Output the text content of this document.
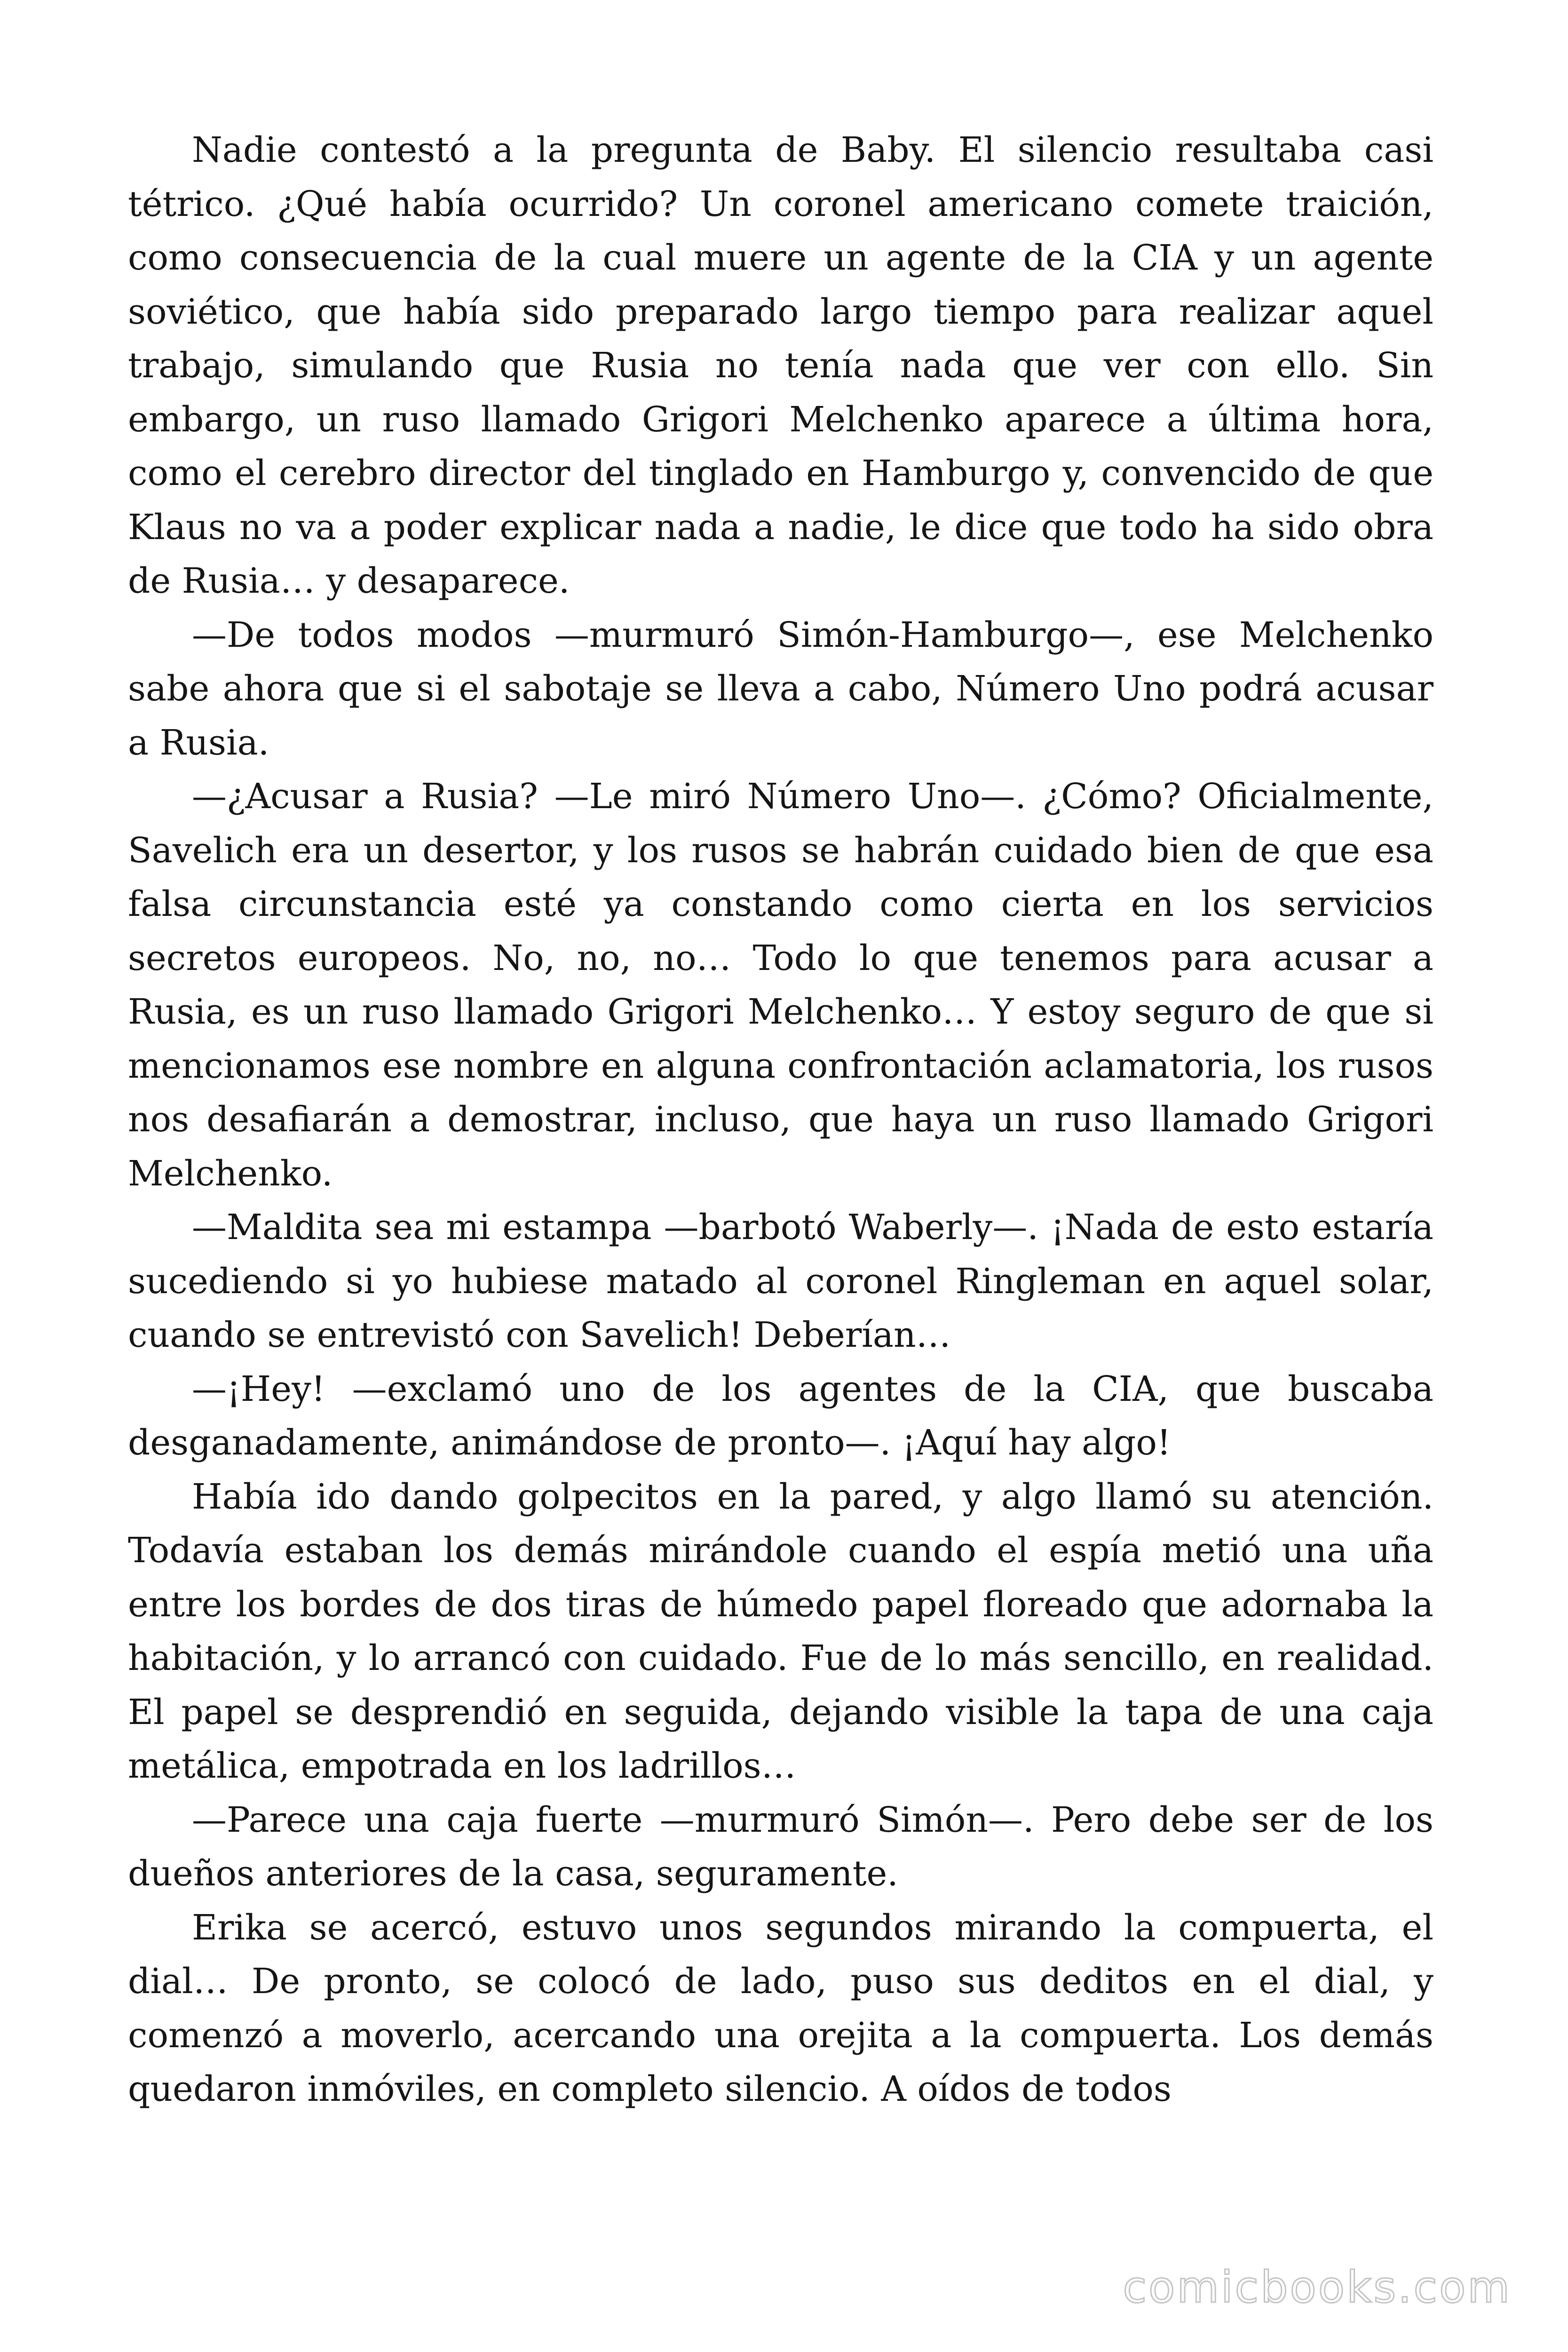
Nadie contestó a la pregunta de Baby. El silencio resultaba casi tétrico. ¿Qué había ocurrido? Un coronel americano comete traición, como consecuencia de la cual muere un agente de la CIA y un agente soviético, que había sido preparado largo tiempo para realizar aquel trabajo, simulando que Rusia no tenía nada que ver con ello. Sin embargo, un ruso llamado Grigori Melchenko aparece a última hora, como el cerebro director del tinglado en Hamburgo y, convencido de que Klaus no va a poder explicar nada a nadie, le dice que todo ha sido obra de Rusia… y desaparece.

—De todos modos —murmuró Simón-Hamburgo—, ese Melchenko sabe ahora que si el sabotaje se lleva a cabo, Número Uno podrá acusar a Rusia.

—¿Acusar a Rusia? —Le miró Número Uno—. ¿Cómo? Oficialmente, Savelich era un desertor, y los rusos se habrán cuidado bien de que esa falsa circunstancia esté ya constando como cierta en los servicios secretos europeos. No, no, no… Todo lo que tenemos para acusar a Rusia, es un ruso llamado Grigori Melchenko… Y estoy seguro de que si mencionamos ese nombre en alguna confrontación aclamatoria, los rusos nos desafiarán a demostrar, incluso, que haya un ruso llamado Grigori Melchenko.

—Maldita sea mi estampa —barbotó Waberly—. ¡Nada de esto estaría sucediendo si yo hubiese matado al coronel Ringleman en aquel solar, cuando se entrevistó con Savelich! Deberían…

—¡Hey! —exclamó uno de los agentes de la CIA, que buscaba desganadamente, animándose de pronto—. ¡Aquí hay algo!

Había ido dando golpecitos en la pared, y algo llamó su atención. Todavía estaban los demás mirándole cuando el espía metió una uña entre los bordes de dos tiras de húmedo papel floreado que adornaba la habitación, y lo arrancó con cuidado. Fue de lo más sencillo, en realidad. El papel se desprendió en seguida, dejando visible la tapa de una caja metálica, empotrada en los ladrillos…

—Parece una caja fuerte —murmuró Simón—. Pero debe ser de los dueños anteriores de la casa, seguramente.

Erika se acercó, estuvo unos segundos mirando la compuerta, el dial… De pronto, se colocó de lado, puso sus deditos en el dial, y comenzó a moverlo, acercando una orejita a la compuerta. Los demás quedaron inmóviles, en completo silencio. A oídos de todos

comicbooks.com
